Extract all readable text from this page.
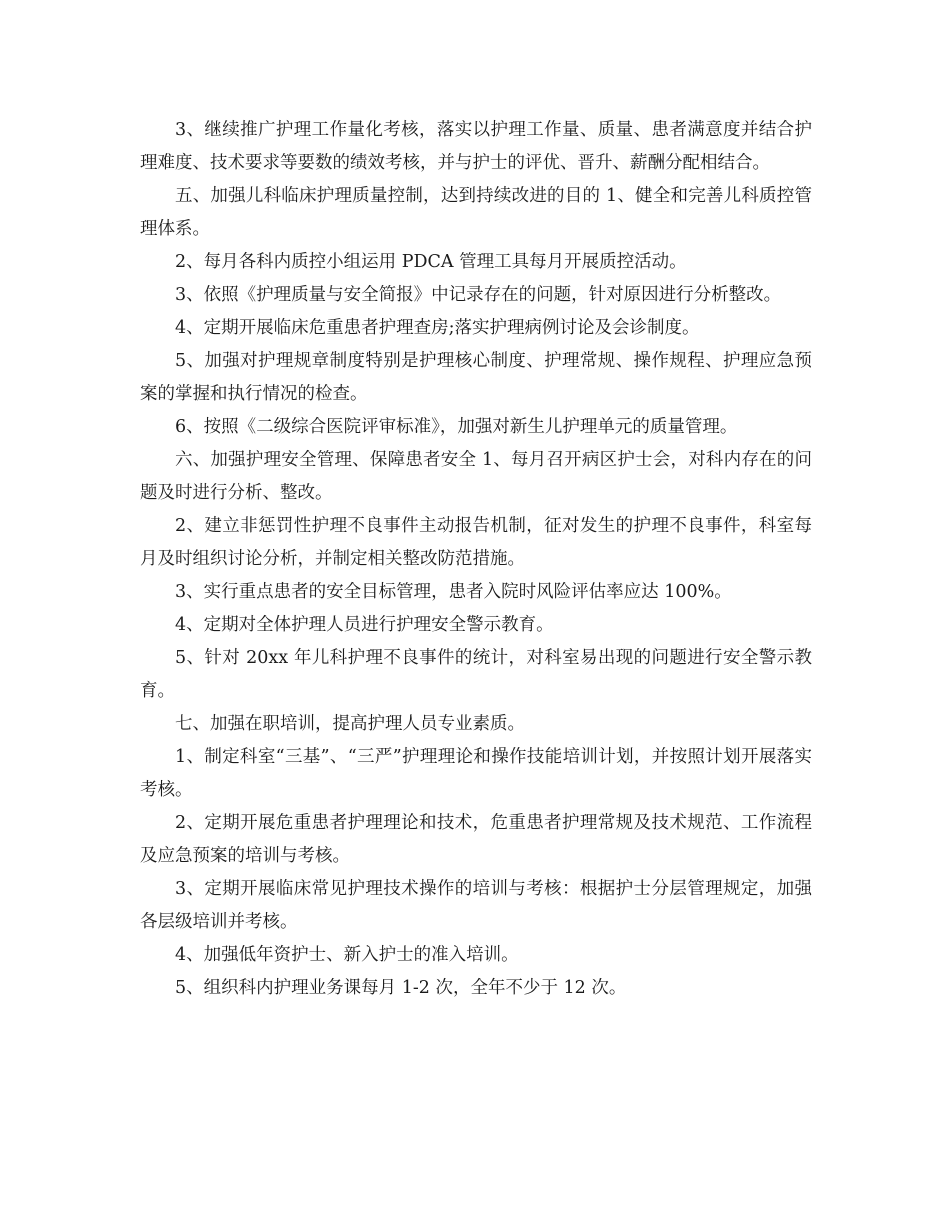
3、继续推广护理工作量化考核，落实以护理工作量、质量、患者满意度并结合护理难度、技术要求等要数的绩效考核，并与护士的评优、晋升、薪酬分配相结合。

五、加强儿科临床护理质量控制，达到持续改进的目的 1、健全和完善儿科质控管理体系。

2、每月各科内质控小组运用 PDCA 管理工具每月开展质控活动。

3、依照《护理质量与安全简报》中记录存在的问题，针对原因进行分析整改。

4、定期开展临床危重患者护理查房;落实护理病例讨论及会诊制度。

5、加强对护理规章制度特别是护理核心制度、护理常规、操作规程、护理应急预案的掌握和执行情况的检查。

6、按照《二级综合医院评审标准》，加强对新生儿护理单元的质量管理。

六、加强护理安全管理、保障患者安全 1、每月召开病区护士会，对科内存在的问题及时进行分析、整改。

2、建立非惩罚性护理不良事件主动报告机制，征对发生的护理不良事件，科室每月及时组织讨论分析，并制定相关整改防范措施。

3、实行重点患者的安全目标管理，患者入院时风险评估率应达 100%。

4、定期对全体护理人员进行护理安全警示教育。

5、针对 20xx 年儿科护理不良事件的统计，对科室易出现的问题进行安全警示教育。

七、加强在职培训，提高护理人员专业素质。

1、制定科室“三基”、“三严”护理理论和操作技能培训计划，并按照计划开展落实考核。

2、定期开展危重患者护理理论和技术，危重患者护理常规及技术规范、工作流程及应急预案的培训与考核。

3、定期开展临床常见护理技术操作的培训与考核：根据护士分层管理规定，加强各层级培训并考核。

4、加强低年资护士、新入护士的准入培训。

5、组织科内护理业务课每月 1-2 次，全年不少于 12 次。
